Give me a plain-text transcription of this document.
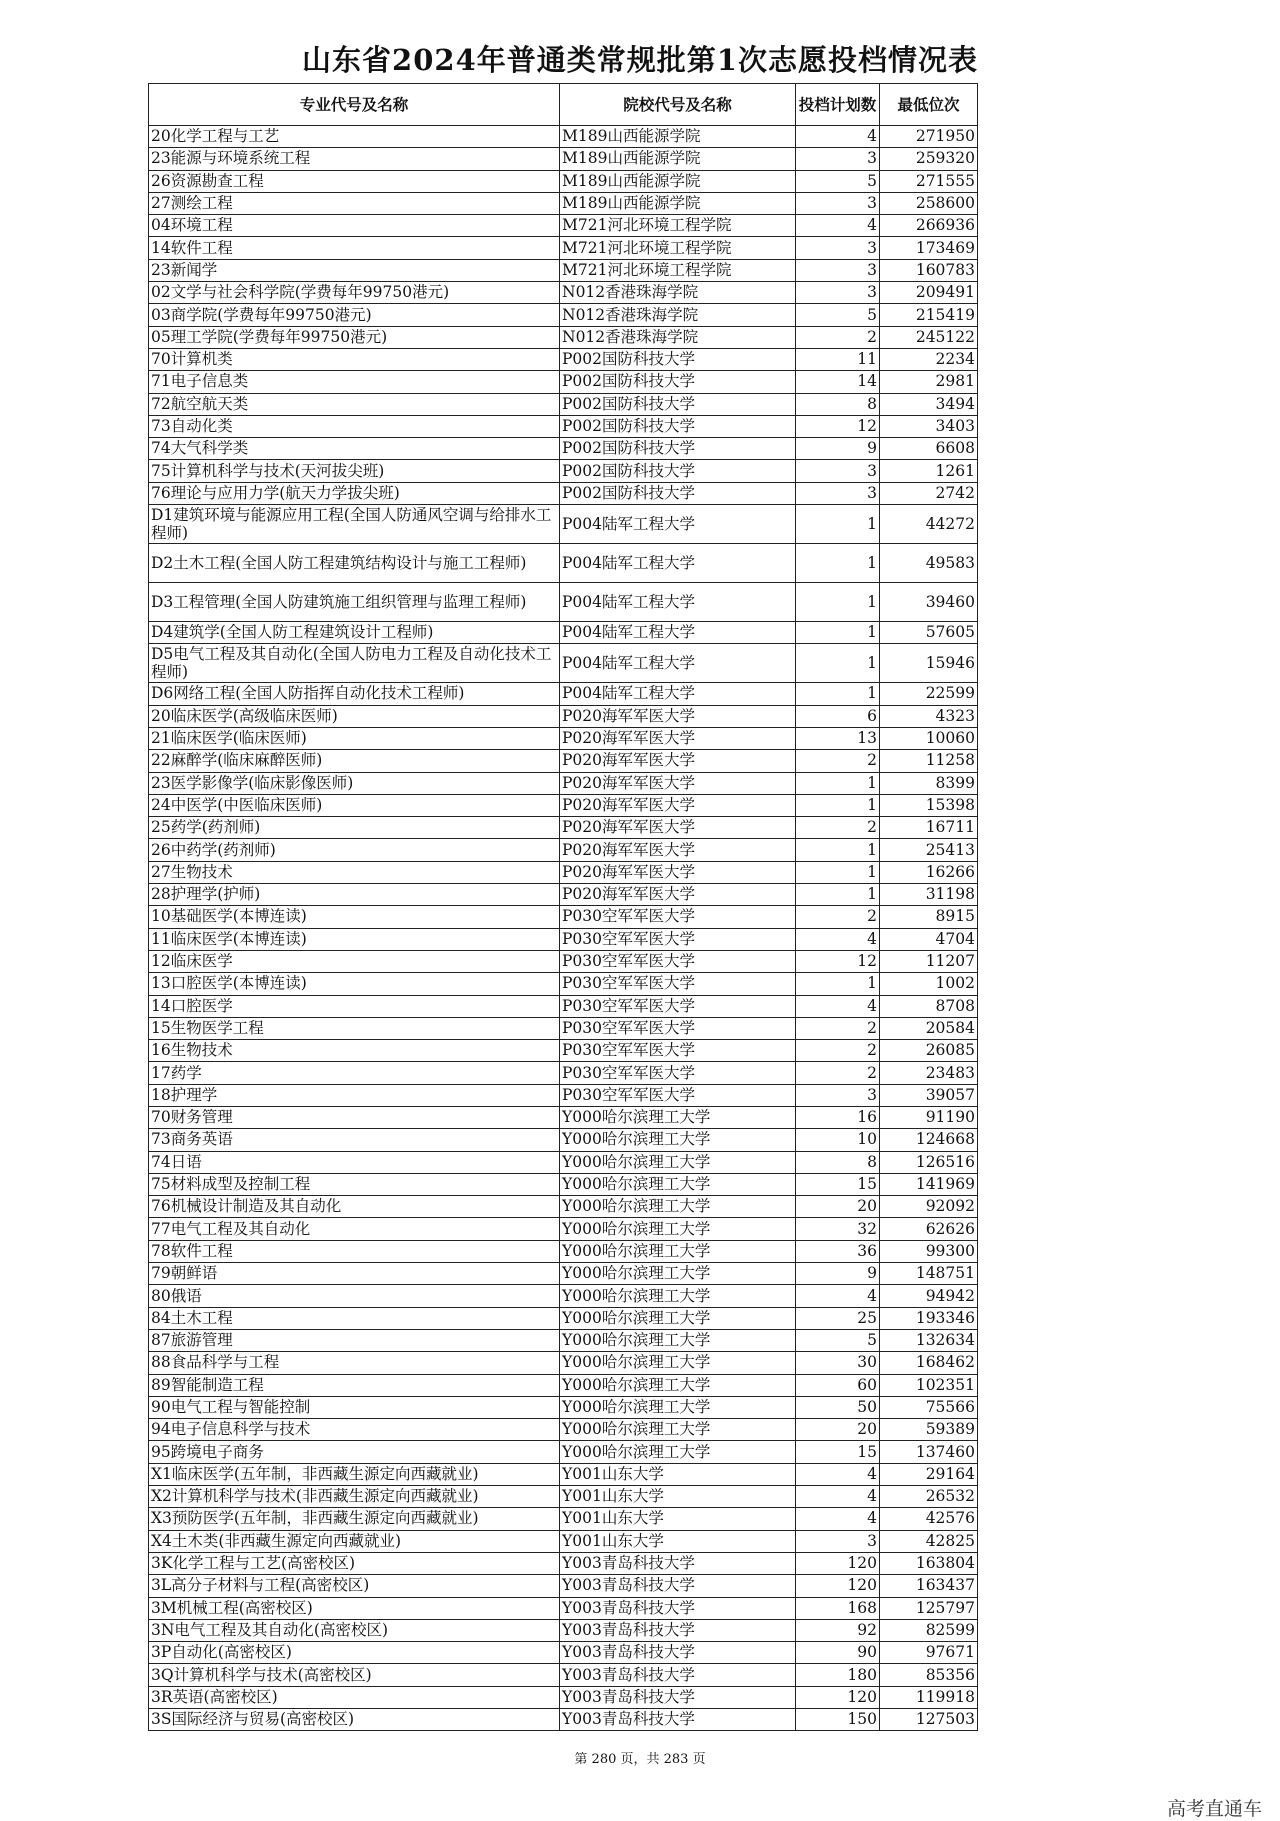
山东省2024年普通类常规批第1次志愿投档情况表
专业代号及名称	院校代号及名称	投档计划数	最低位次
20化学工程与工艺	M189山西能源学院	4	271950
23能源与环境系统工程	M189山西能源学院	3	259320
26资源勘查工程	M189山西能源学院	5	271555
27测绘工程	M189山西能源学院	3	258600
04环境工程	M721河北环境工程学院	4	266936
14软件工程	M721河北环境工程学院	3	173469
23新闻学	M721河北环境工程学院	3	160783
02文学与社会科学院(学费每年99750港元)	N012香港珠海学院	3	209491
03商学院(学费每年99750港元)	N012香港珠海学院	5	215419
05理工学院(学费每年99750港元)	N012香港珠海学院	2	245122
70计算机类	P002国防科技大学	11	2234
71电子信息类	P002国防科技大学	14	2981
72航空航天类	P002国防科技大学	8	3494
73自动化类	P002国防科技大学	12	3403
74大气科学类	P002国防科技大学	9	6608
75计算机科学与技术(天河拔尖班)	P002国防科技大学	3	1261
76理论与应用力学(航天力学拔尖班)	P002国防科技大学	3	2742
D1建筑环境与能源应用工程(全国人防通风空调与给排水工程师)	P004陆军工程大学	1	44272
D2土木工程(全国人防工程建筑结构设计与施工工程师)	P004陆军工程大学	1	49583
D3工程管理(全国人防建筑施工组织管理与监理工程师)	P004陆军工程大学	1	39460
D4建筑学(全国人防工程建筑设计工程师)	P004陆军工程大学	1	57605
D5电气工程及其自动化(全国人防电力工程及自动化技术工程师)	P004陆军工程大学	1	15946
D6网络工程(全国人防指挥自动化技术工程师)	P004陆军工程大学	1	22599
20临床医学(高级临床医师)	P020海军军医大学	6	4323
21临床医学(临床医师)	P020海军军医大学	13	10060
22麻醉学(临床麻醉医师)	P020海军军医大学	2	11258
23医学影像学(临床影像医师)	P020海军军医大学	1	8399
24中医学(中医临床医师)	P020海军军医大学	1	15398
25药学(药剂师)	P020海军军医大学	2	16711
26中药学(药剂师)	P020海军军医大学	1	25413
27生物技术	P020海军军医大学	1	16266
28护理学(护师)	P020海军军医大学	1	31198
10基础医学(本博连读)	P030空军军医大学	2	8915
11临床医学(本博连读)	P030空军军医大学	4	4704
12临床医学	P030空军军医大学	12	11207
13口腔医学(本博连读)	P030空军军医大学	1	1002
14口腔医学	P030空军军医大学	4	8708
15生物医学工程	P030空军军医大学	2	20584
16生物技术	P030空军军医大学	2	26085
17药学	P030空军军医大学	2	23483
18护理学	P030空军军医大学	3	39057
70财务管理	Y000哈尔滨理工大学	16	91190
73商务英语	Y000哈尔滨理工大学	10	124668
74日语	Y000哈尔滨理工大学	8	126516
75材料成型及控制工程	Y000哈尔滨理工大学	15	141969
76机械设计制造及其自动化	Y000哈尔滨理工大学	20	92092
77电气工程及其自动化	Y000哈尔滨理工大学	32	62626
78软件工程	Y000哈尔滨理工大学	36	99300
79朝鲜语	Y000哈尔滨理工大学	9	148751
80俄语	Y000哈尔滨理工大学	4	94942
84土木工程	Y000哈尔滨理工大学	25	193346
87旅游管理	Y000哈尔滨理工大学	5	132634
88食品科学与工程	Y000哈尔滨理工大学	30	168462
89智能制造工程	Y000哈尔滨理工大学	60	102351
90电气工程与智能控制	Y000哈尔滨理工大学	50	75566
94电子信息科学与技术	Y000哈尔滨理工大学	20	59389
95跨境电子商务	Y000哈尔滨理工大学	15	137460
X1临床医学(五年制，非西藏生源定向西藏就业)	Y001山东大学	4	29164
X2计算机科学与技术(非西藏生源定向西藏就业)	Y001山东大学	4	26532
X3预防医学(五年制，非西藏生源定向西藏就业)	Y001山东大学	4	42576
X4土木类(非西藏生源定向西藏就业)	Y001山东大学	3	42825
3K化学工程与工艺(高密校区)	Y003青岛科技大学	120	163804
3L高分子材料与工程(高密校区)	Y003青岛科技大学	120	163437
3M机械工程(高密校区)	Y003青岛科技大学	168	125797
3N电气工程及其自动化(高密校区)	Y003青岛科技大学	92	82599
3P自动化(高密校区)	Y003青岛科技大学	90	97671
3Q计算机科学与技术(高密校区)	Y003青岛科技大学	180	85356
3R英语(高密校区)	Y003青岛科技大学	120	119918
3S国际经济与贸易(高密校区)	Y003青岛科技大学	150	127503
第 280 页，共 283 页
高考直通车
